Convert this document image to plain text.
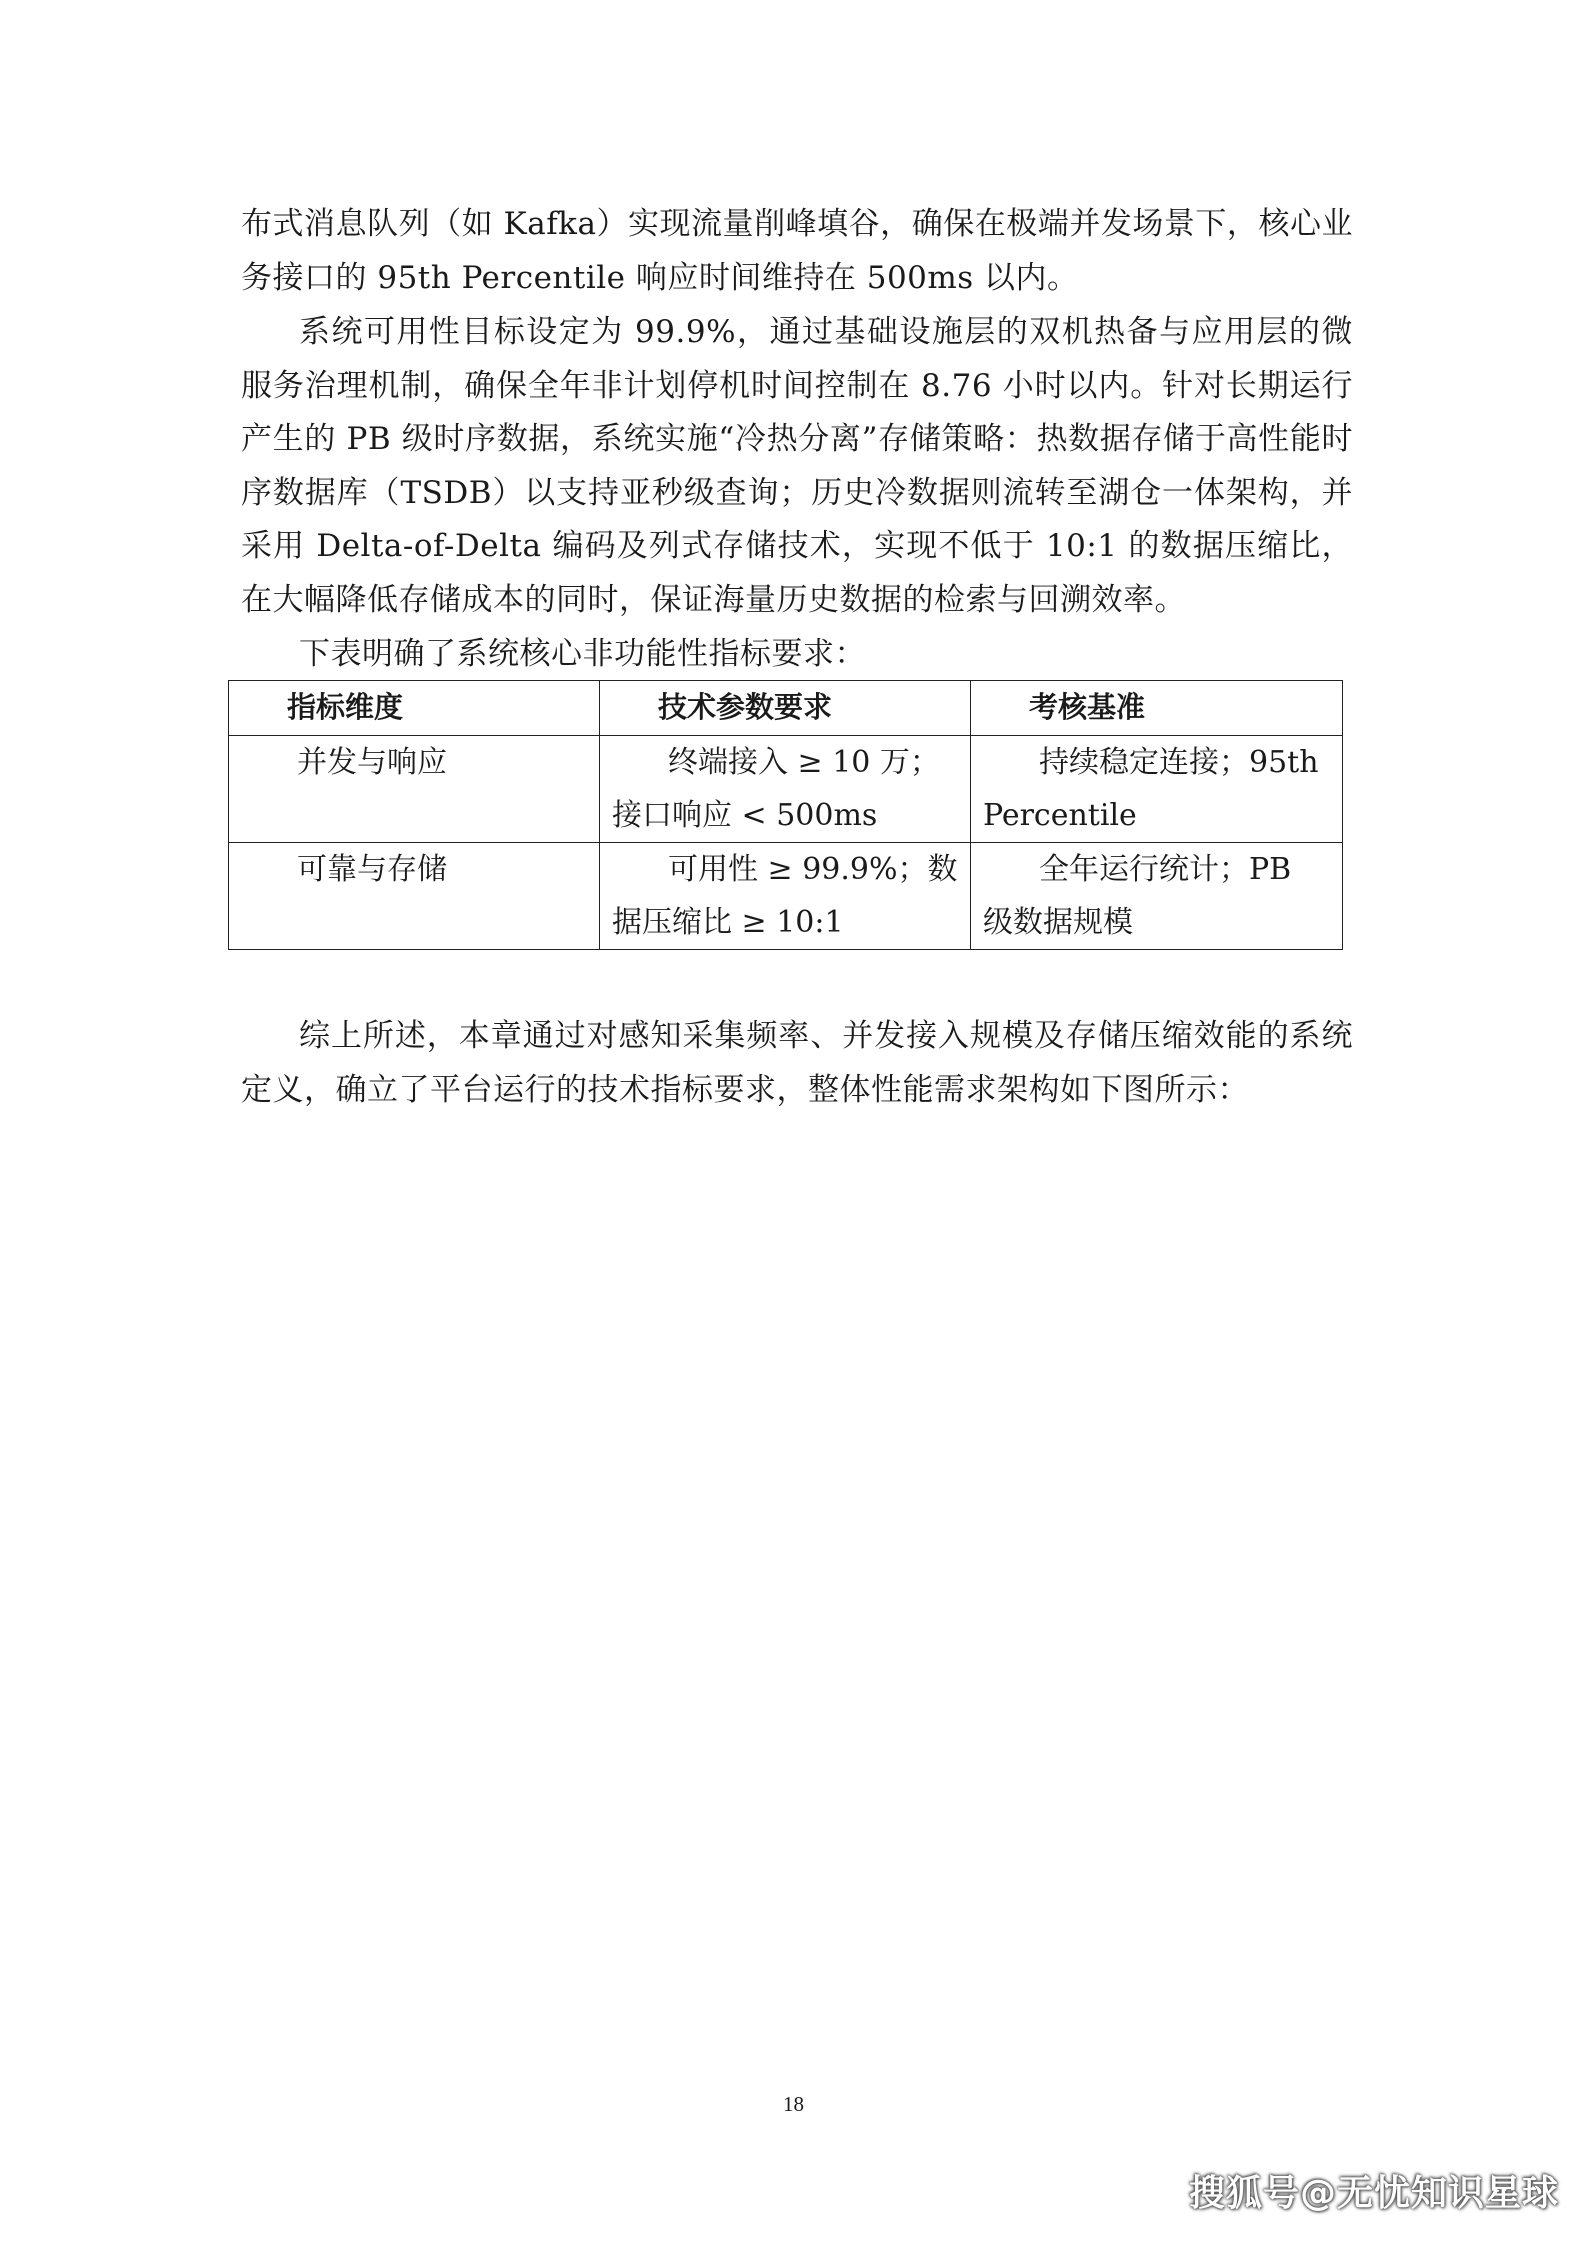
布式消息队列（如 Kafka）实现流量削峰填谷，确保在极端并发场景下，核心业务接口的 95th Percentile 响应时间维持在 500ms 以内。

系统可用性目标设定为 99.9%，通过基础设施层的双机热备与应用层的微服务治理机制，确保全年非计划停机时间控制在 8.76 小时以内。针对长期运行产生的 PB 级时序数据，系统实施“冷热分离”存储策略：热数据存储于高性能时序数据库（TSDB）以支持亚秒级查询；历史冷数据则流转至湖仓一体架构，并采用 Delta-of-Delta 编码及列式存储技术，实现不低于 10:1 的数据压缩比，在大幅降低存储成本的同时，保证海量历史数据的检索与回溯效率。

下表明确了系统核心非功能性指标要求：

指标维度	技术参数要求	考核基准
并发与响应	终端接入 ≥ 10 万；接口响应 < 500ms	持续稳定连接；95th Percentile
可靠与存储	可用性 ≥ 99.9%；数据压缩比 ≥ 10:1	全年运行统计；PB 级数据规模

综上所述，本章通过对感知采集频率、并发接入规模及存储压缩效能的系统定义，确立了平台运行的技术指标要求，整体性能需求架构如下图所示：

18
搜狐号@无忧知识星球
